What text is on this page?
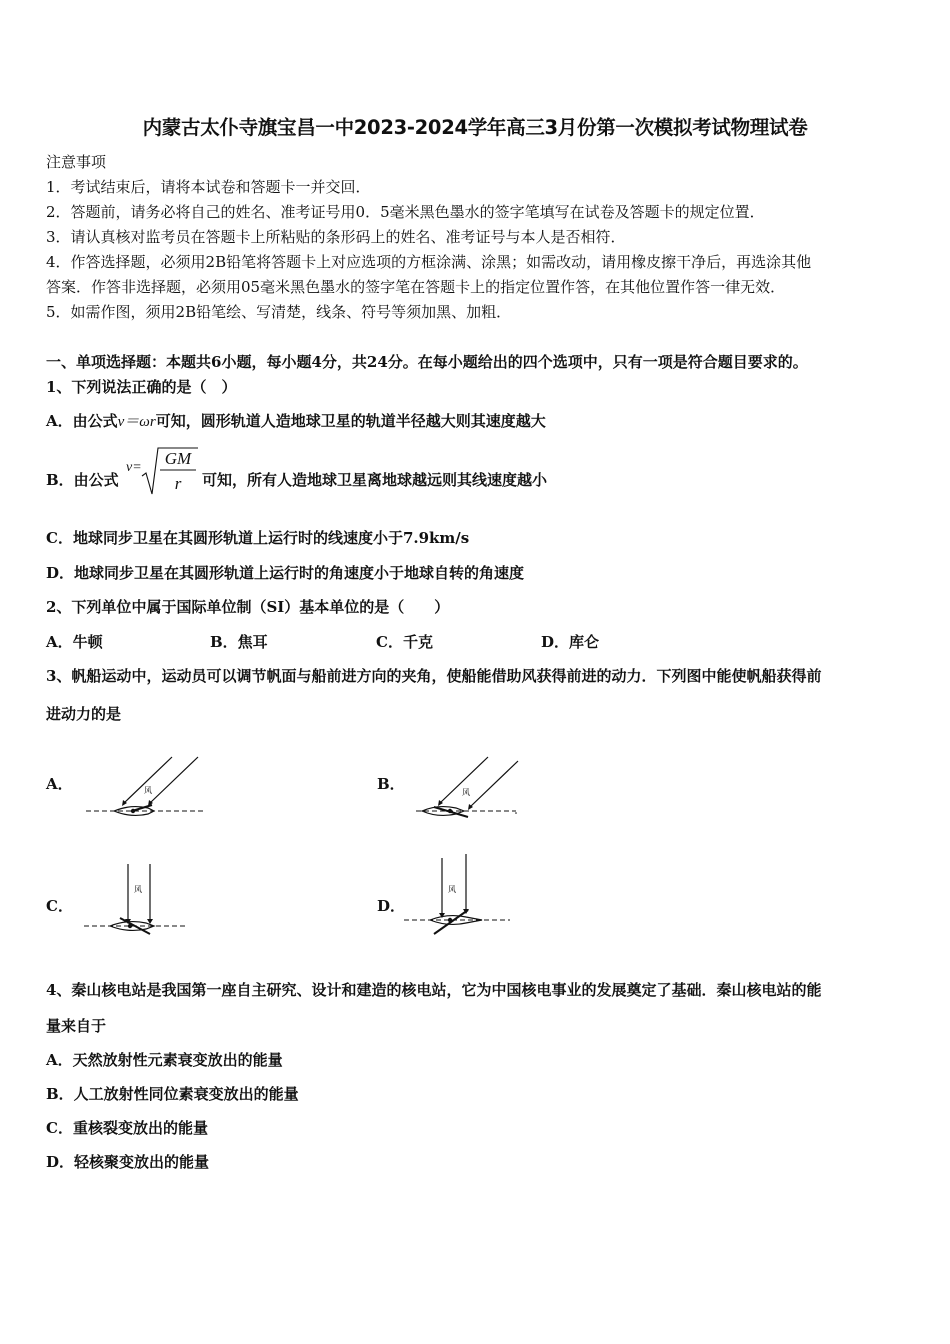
内蒙古太仆寺旗宝昌一中2023-2024学年高三3月份第一次模拟考试物理试卷
注意事项
1．考试结束后，请将本试卷和答题卡一并交回．
2．答题前，请务必将自己的姓名、准考证号用0．5毫米黑色墨水的签字笔填写在试卷及答题卡的规定位置．
3．请认真核对监考员在答题卡上所粘贴的条形码上的姓名、准考证号与本人是否相符．
4．作答选择题，必须用2B铅笔将答题卡上对应选项的方框涂满、涂黑；如需改动，请用橡皮擦干净后，再选涂其他
答案．作答非选择题，必须用05毫米黑色墨水的签字笔在答题卡上的指定位置作答，在其他位置作答一律无效．
5．如需作图，须用2B铅笔绘、写清楚，线条、符号等须加黑、加粗．
一、单项选择题：本题共6小题，每小题4分，共24分。在每小题给出的四个选项中，只有一项是符合题目要求的。
1、下列说法正确的是（　）
A．由公式v＝ωr可知，圆形轨道人造地球卫星的轨道半径越大则其速度越大
B．由公式
v= GM
r	可知，所有人造地球卫星离地球越远则其线速度越小
C．地球同步卫星在其圆形轨道上运行时的线速度小于7.9km/s
D．地球同步卫星在其圆形轨道上运行时的角速度小于地球自转的角速度
2、下列单位中属于国际单位制（SI）基本单位的是（　　）
A．牛顿	B．焦耳	C．千克	D．库仑
3、帆船运动中，运动员可以调节帆面与船前进方向的夹角，使船能借助风获得前进的动力．下列图中能使帆船获得前
进动力的是
A．	B．
C．	D．
风	风
风	风
4、秦山核电站是我国第一座自主研究、设计和建造的核电站，它为中国核电事业的发展奠定了基础．秦山核电站的能
量来自于
A．天然放射性元素衰变放出的能量
B．人工放射性同位素衰变放出的能量
C．重核裂变放出的能量
D．轻核聚变放出的能量
